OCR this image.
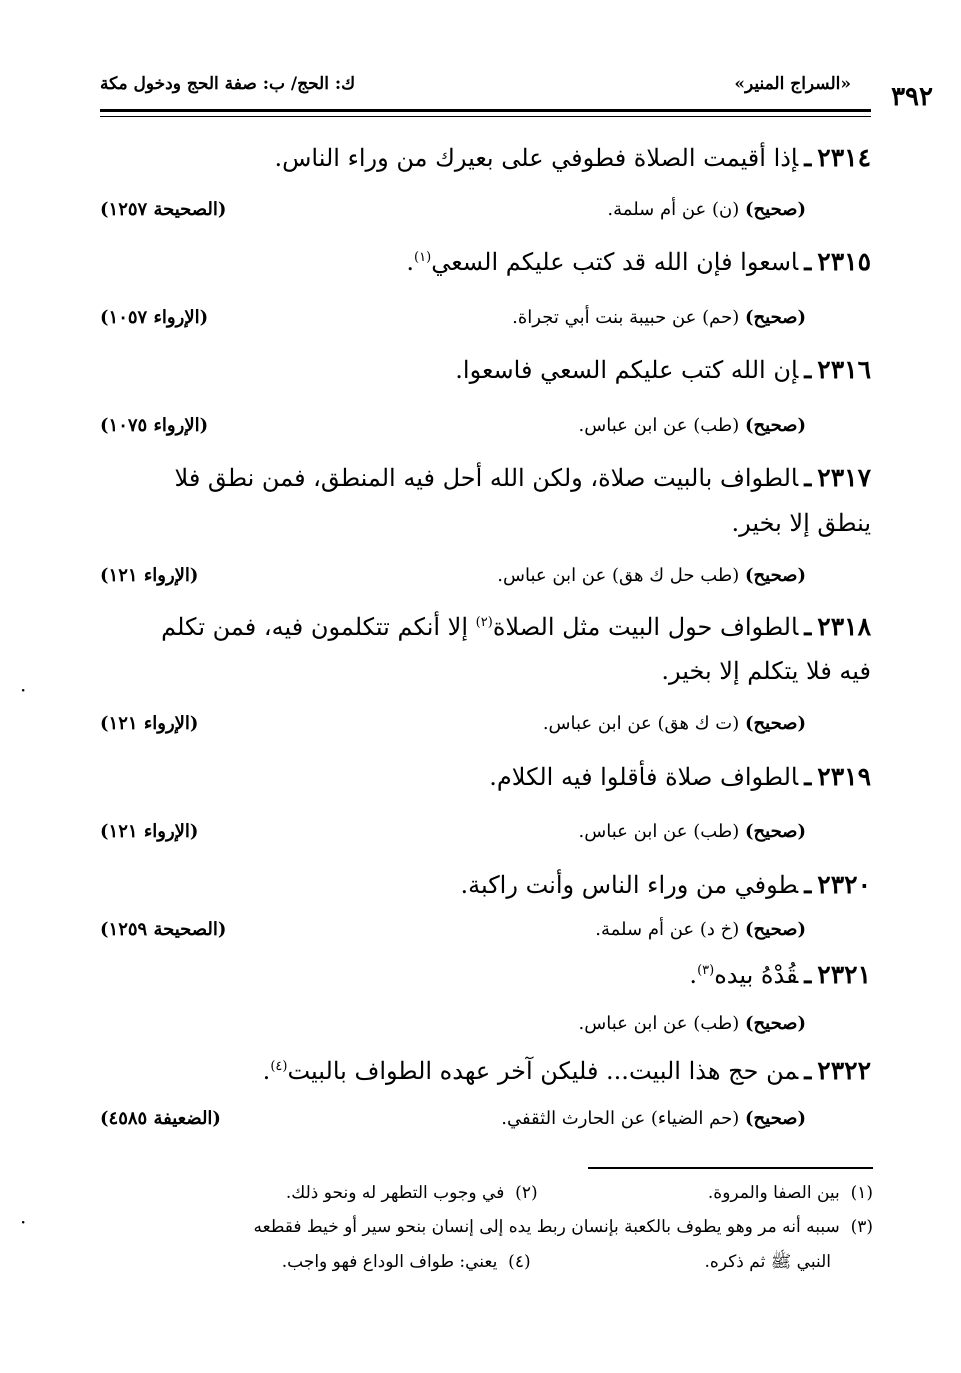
٣٩٢
«السراج المنير»
ك: الحج/ ب: صفة الحج ودخول مكة
٢٣١٤ـإذا أقيمت الصلاة فطوفي على بعيرك من وراء الناس.
(صحيح) (ن) عن أم سلمة.
(الصحيحة ١٢٥٧)
٢٣١٥ـاسعوا فإن الله قد كتب عليكم السعي$^{(١)}$.
(صحيح) (حم) عن حبيبة بنت أبي تجراة.
(الإرواء ١٠٥٧)
٢٣١٦ـإن الله كتب عليكم السعي فاسعوا.
(صحيح) (طب) عن ابن عباس.
(الإرواء ١٠٧٥)
٢٣١٧ـالطواف بالبيت صلاة، ولكن الله أحل فيه المنطق، فمن نطق فلا
ينطق إلا بخير.
(صحيح) (طب حل ك هق) عن ابن عباس.
(الإرواء ١٢١)
٢٣١٨ـالطواف حول البيت مثل الصلاة$^{(٢)}$ إلا أنكم تتكلمون فيه، فمن تكلم
فيه فلا يتكلم إلا بخير.
(صحيح) (ت ك هق) عن ابن عباس.
(الإرواء ١٢١)
٢٣١٩ـالطواف صلاة فأقلوا فيه الكلام.
(صحيح) (طب) عن ابن عباس.
(الإرواء ١٢١)
٢٣٢٠ـطوفي من وراء الناس وأنت راكبة.
(صحيح) (خ د) عن أم سلمة.
(الصحيحة ١٢٥٩)
٢٣٢١ـقُدْهُ بيده$^{(٣)}$.
(صحيح) (طب) عن ابن عباس.
٢٣٢٢ـمن حج هذا البيت... فليكن آخر عهده الطواف بالبيت$^{(٤)}$.
(صحيح) (حم الضياء) عن الحارث الثقفي.
(الضعيفة ٤٥٨٥)
(١)  بين الصفا والمروة. (٢)  في وجوب التطهر له ونحو ذلك.
(٣)  سببه أنه مر وهو يطوف بالكعبة بإنسان ربط يده إلى إنسان بنحو سير أو خيط فقطعه
النبي ﷺ ثم ذكره. (٤)  يعني: طواف الوداع فهو واجب.
·
·
